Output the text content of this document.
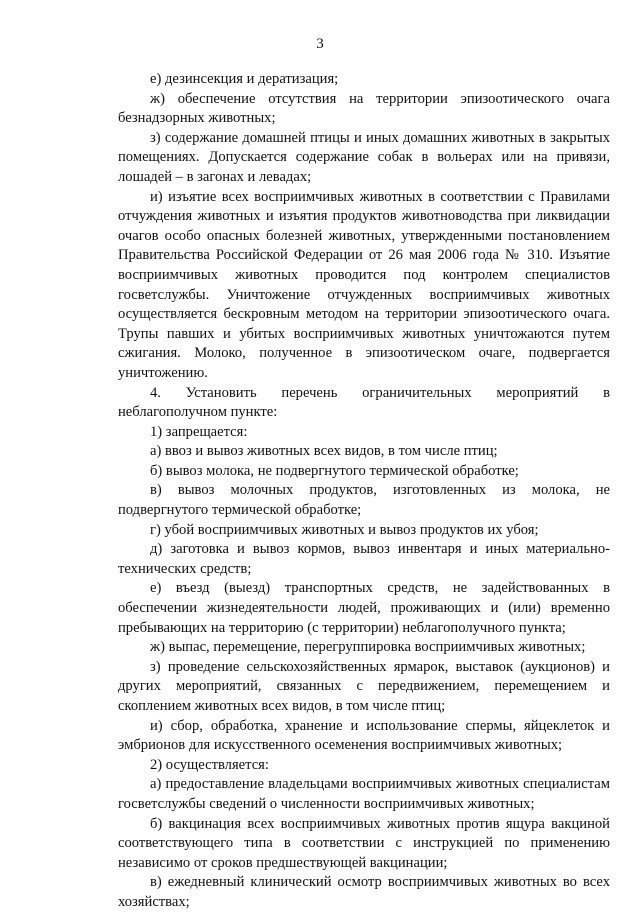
3

е) дезинсекция и дератизация;

ж) обеспечение отсутствия на территории эпизоотического очага безнадзорных животных;

з) содержание домашней птицы и иных домашних животных в закрытых помещениях. Допускается содержание собак в вольерах или на привязи, лошадей – в загонах и левадах;

и) изъятие всех восприимчивых животных в соответствии с Правилами отчуждения животных и изъятия продуктов животноводства при ликвидации очагов особо опасных болезней животных, утвержденными постановлением Правительства Российской Федерации от 26 мая 2006 года № 310. Изъятие восприимчивых животных проводится под контролем специалистов госветслужбы. Уничтожение отчужденных восприимчивых животных осуществляется бескровным методом на территории эпизоотического очага. Трупы павших и убитых восприимчивых животных уничтожаются путем сжигания. Молоко, полученное в эпизоотическом очаге, подвергается уничтожению.

4. Установить перечень ограничительных мероприятий в неблагополучном пункте:

1) запрещается:

а) ввоз и вывоз животных всех видов, в том числе птиц;

б) вывоз молока, не подвергнутого термической обработке;

в) вывоз молочных продуктов, изготовленных из молока, не подвергнутого термической обработке;

г) убой восприимчивых животных и вывоз продуктов их убоя;

д) заготовка и вывоз кормов, вывоз инвентаря и иных материально-технических средств;

е) въезд (выезд) транспортных средств, не задействованных в обеспечении жизнедеятельности людей, проживающих и (или) временно пребывающих на территорию (с территории) неблагополучного пункта;

ж) выпас, перемещение, перегруппировка восприимчивых животных;

з) проведение сельскохозяйственных ярмарок, выставок (аукционов) и других мероприятий, связанных с передвижением, перемещением и скоплением животных всех видов, в том числе птиц;

и) сбор, обработка, хранение и использование спермы, яйцеклеток и эмбрионов для искусственного осеменения восприимчивых животных;

2) осуществляется:

а) предоставление владельцами восприимчивых животных специалистам госветслужбы сведений о численности восприимчивых животных;

б) вакцинация всех восприимчивых животных против ящура вакциной соответствующего типа в соответствии с инструкцией по применению независимо от сроков предшествующей вакцинации;

в) ежедневный клинический осмотр восприимчивых животных во всех хозяйствах;
